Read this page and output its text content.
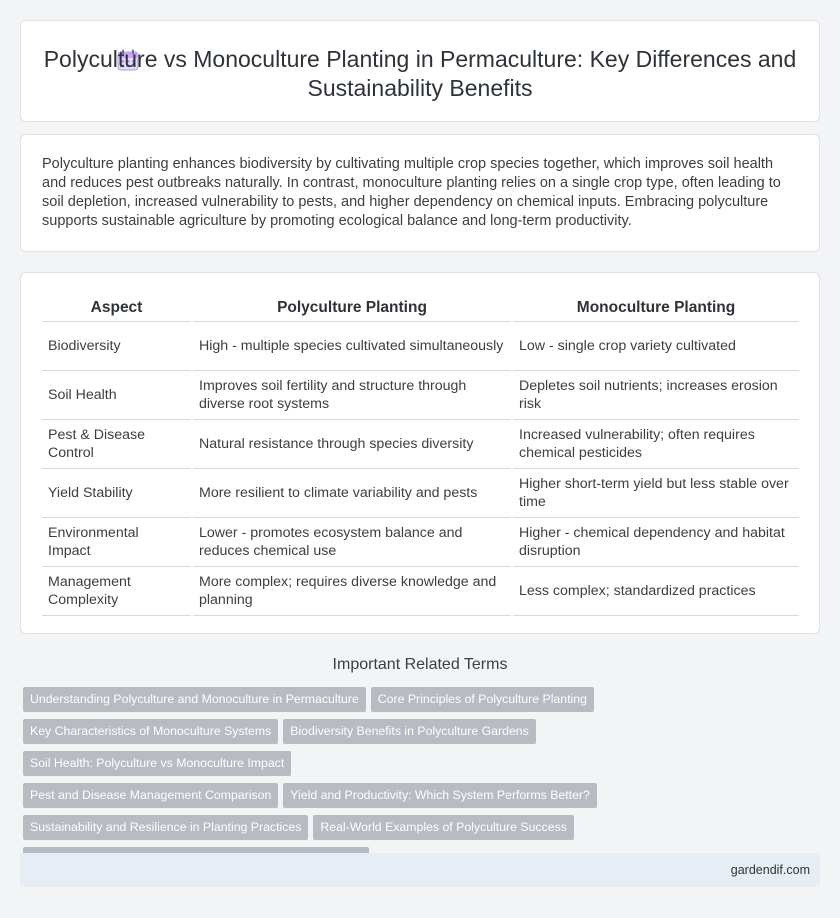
Polyculture vs Monoculture Planting in Permaculture: Key Differences and Sustainability Benefits

Polyculture planting enhances biodiversity by cultivating multiple crop species together, which improves soil health and reduces pest outbreaks naturally. In contrast, monoculture planting relies on a single crop type, often leading to soil depletion, increased vulnerability to pests, and higher dependency on chemical inputs. Embracing polyculture supports sustainable agriculture by promoting ecological balance and long-term productivity.

Aspect	Polyculture Planting	Monoculture Planting
Biodiversity	High - multiple species cultivated simultaneously	Low - single crop variety cultivated
Soil Health	Improves soil fertility and structure through diverse root systems	Depletes soil nutrients; increases erosion risk
Pest & Disease Control	Natural resistance through species diversity	Increased vulnerability; often requires chemical pesticides
Yield Stability	More resilient to climate variability and pests	Higher short-term yield but less stable over time
Environmental Impact	Lower - promotes ecosystem balance and reduces chemical use	Higher - chemical dependency and habitat disruption
Management Complexity	More complex; requires diverse knowledge and planning	Less complex; standardized practices
Important Related Terms
Understanding Polyculture and Monoculture in Permaculture Core Principles of Polyculture Planting
Key Characteristics of Monoculture Systems Biodiversity Benefits in Polyculture GardensSoil Health: Polyculture vs Monoculture Impact
Pest and Disease Management Comparison Yield and Productivity: Which System Performs Better?
Sustainability and Resilience in Planting Practices Real-World Examples of Polyculture Success

gardendif.com
